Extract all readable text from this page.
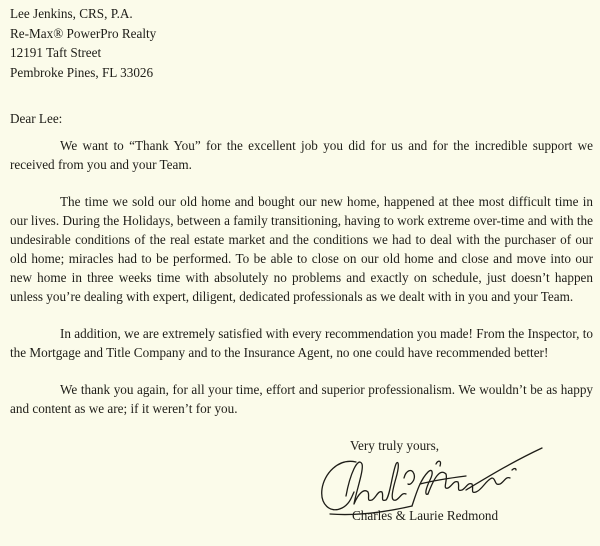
Lee Jenkins, CRS, P.A.
Re-Max® PowerPro Realty
12191 Taft Street
Pembroke Pines, FL 33026

Dear Lee:

We want to “Thank You” for the excellent job you did for us and for the incredible support we received from you and your Team.

The time we sold our old home and bought our new home, happened at thee most difficult time in our lives. During the Holidays, between a family transitioning, having to work extreme over-time and with the undesirable conditions of the real estate market and the conditions we had to deal with the purchaser of our old home; miracles had to be performed. To be able to close on our old home and close and move into our new home in three weeks time with absolutely no problems and exactly on schedule, just doesn’t happen unless you’re dealing with expert, diligent, dedicated professionals as we dealt with in you and your Team.

In addition, we are extremely satisfied with every recommendation you made! From the Inspector, to the Mortgage and Title Company and to the Insurance Agent, no one could have recommended better!

We thank you again, for all your time, effort and superior professionalism. We wouldn’t be as happy and content as we are; if it weren’t for you.

Very truly yours,
Charles & Laurie Redmond
